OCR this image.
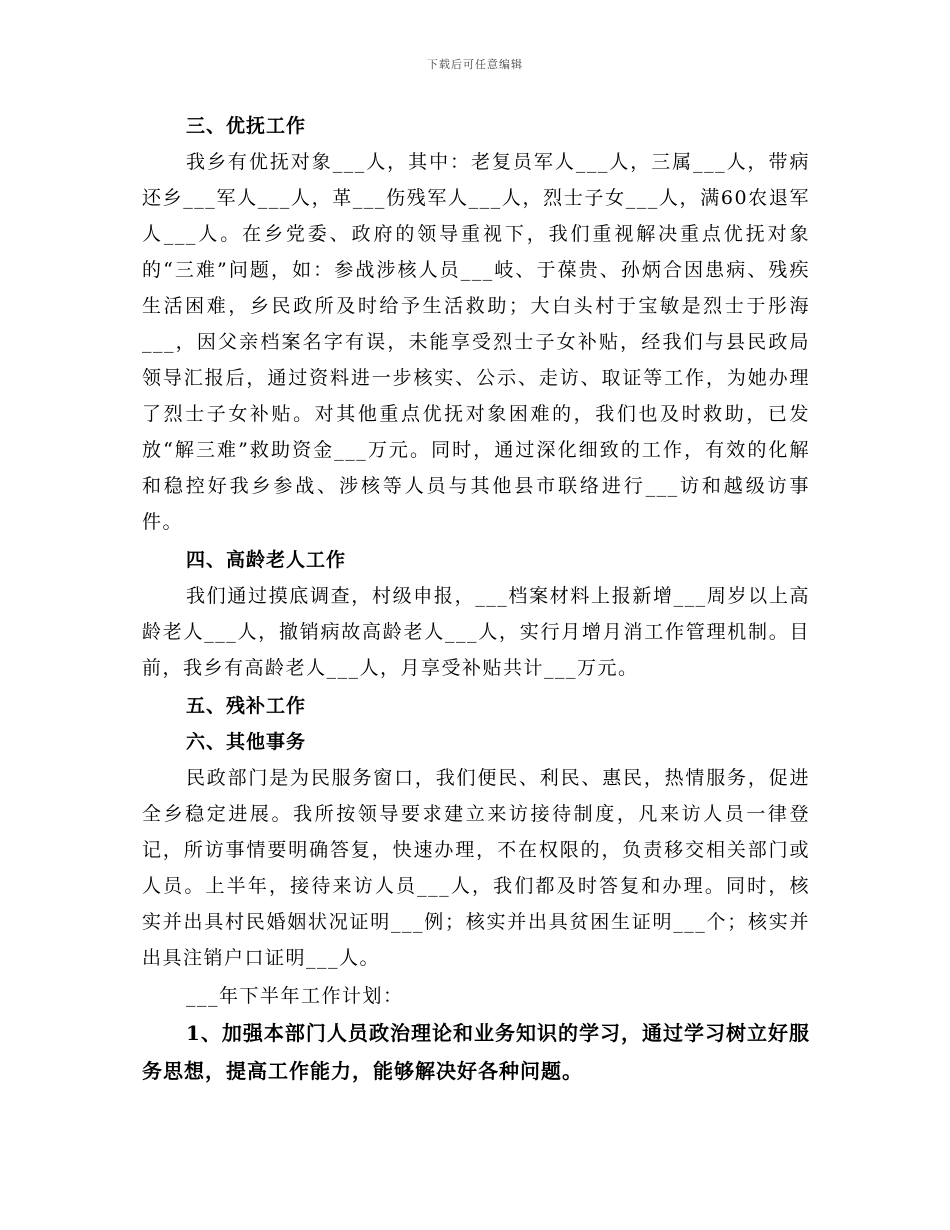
下载后可任意编辑

三、优抚工作

我乡有优抚对象___人，其中：老复员军人___人，三属___人，带病还乡___军人___人，革___伤残军人___人，烈士子女___人，满60农退军人___人。在乡党委、政府的领导重视下，我们重视解决重点优抚对象的“三难”问题，如：参战涉核人员___岐、于葆贵、孙炳合因患病、残疾生活困难，乡民政所及时给予生活救助；大白头村于宝敏是烈士于彤海___，因父亲档案名字有误，未能享受烈士子女补贴，经我们与县民政局领导汇报后，通过资料进一步核实、公示、走访、取证等工作，为她办理了烈士子女补贴。对其他重点优抚对象困难的，我们也及时救助，已发放“解三难”救助资金___万元。同时，通过深化细致的工作，有效的化解和稳控好我乡参战、涉核等人员与其他县市联络进行___访和越级访事件。

四、高龄老人工作

我们通过摸底调查，村级申报，___档案材料上报新增___周岁以上高龄老人___人，撤销病故高龄老人___人，实行月增月消工作管理机制。目前，我乡有高龄老人___人，月享受补贴共计___万元。

五、残补工作

六、其他事务

民政部门是为民服务窗口，我们便民、利民、惠民，热情服务，促进全乡稳定进展。我所按领导要求建立来访接待制度，凡来访人员一律登记，所访事情要明确答复，快速办理，不在权限的，负责移交相关部门或人员。上半年，接待来访人员___人，我们都及时答复和办理。同时，核实并出具村民婚姻状况证明___例；核实并出具贫困生证明___个；核实并出具注销户口证明___人。

___年下半年工作计划：

1、加强本部门人员政治理论和业务知识的学习，通过学习树立好服务思想，提高工作能力，能够解决好各种问题。
